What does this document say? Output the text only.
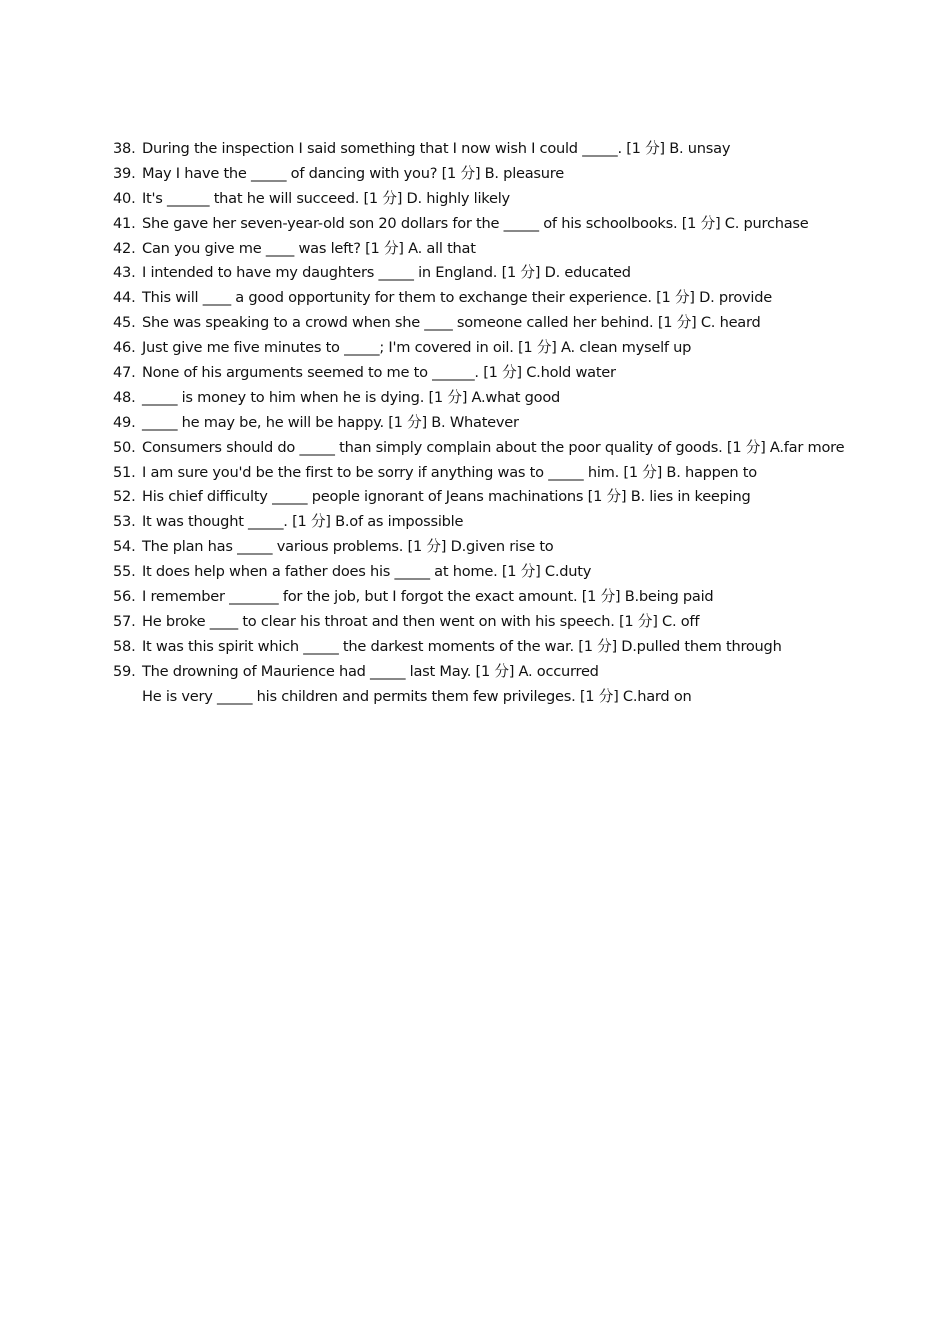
38. During the inspection I said something that I now wish I could _____. [1 分] B. unsay
39. May I have the _____ of dancing with you? [1 分] B. pleasure
40. It's ______ that he will succeed. [1 分] D. highly likely
41. She gave her seven-year-old son 20 dollars for the _____ of his schoolbooks. [1 分] C. purchase
42. Can you give me ____ was left? [1 分] A. all that
43. I intended to have my daughters _____ in England. [1 分] D. educated
44. This will ____ a good opportunity for them to exchange their experience. [1 分] D. provide
45. She was speaking to a crowd when she ____ someone called her behind. [1 分] C. heard
46. Just give me five minutes to _____; I'm covered in oil. [1 分] A. clean myself up
47. None of his arguments seemed to me to ______. [1 分] C.hold water
48. _____ is money to him when he is dying. [1 分] A.what good
49. _____ he may be, he will be happy. [1 分] B. Whatever
50. Consumers should do _____ than simply complain about the poor quality of goods. [1 分] A.far more
51. I am sure you'd be the first to be sorry if anything was to _____ him. [1 分] B. happen to
52. His chief difficulty _____ people ignorant of Jeans machinations [1 分] B. lies in keeping
53. It was thought _____. [1 分] B.of as impossible
54. The plan has _____ various problems. [1 分] D.given rise to
55. It does help when a father does his _____ at home. [1 分] C.duty
56. I remember _______ for the job, but I forgot the exact amount. [1 分] B.being paid
57. He broke ____ to clear his throat and then went on with his speech. [1 分] C. off
58. It was this spirit which _____ the darkest moments of the war. [1 分] D.pulled them through
59. The drowning of Maurience had _____ last May. [1 分] A. occurred
He is very _____ his children and permits them few privileges. [1 分] C.hard on
